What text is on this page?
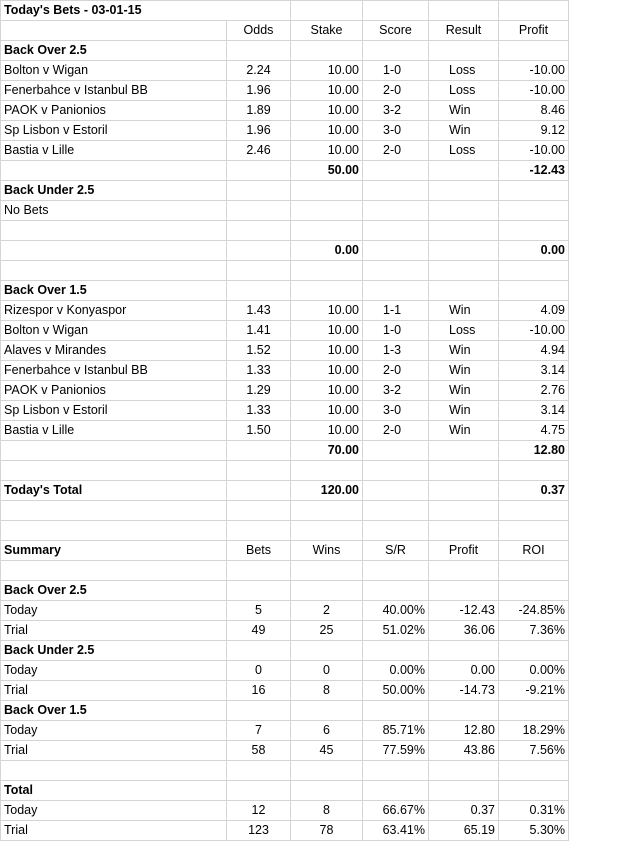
Today's Bets - 03-01-15					
	Odds	Stake	Score	Result	Profit
Back Over 2.5					
Bolton v Wigan	2.24	10.00	1-0	Loss	-10.00
Fenerbahce v Istanbul BB	1.96	10.00	2-0	Loss	-10.00
PAOK v Panionios	1.89	10.00	3-2	Win	8.46
Sp Lisbon v Estoril	1.96	10.00	3-0	Win	9.12
Bastia v Lille	2.46	10.00	2-0	Loss	-10.00
		50.00			-12.43
Back Under 2.5					
No Bets					

		0.00			0.00

Back Over 1.5					
Rizespor v Konyaspor	1.43	10.00	1-1	Win	4.09
Bolton v Wigan	1.41	10.00	1-0	Loss	-10.00
Alaves v Mirandes	1.52	10.00	1-3	Win	4.94
Fenerbahce v Istanbul BB	1.33	10.00	2-0	Win	3.14
PAOK v Panionios	1.29	10.00	3-2	Win	2.76
Sp Lisbon v Estoril	1.33	10.00	3-0	Win	3.14
Bastia v Lille	1.50	10.00	2-0	Win	4.75
		70.00			12.80

Today's Total		120.00			0.37

Summary	Bets	Wins	S/R	Profit	ROI

Back Over 2.5					
Today	5	2	40.00%	-12.43	-24.85%
Trial	49	25	51.02%	36.06	7.36%
Back Under 2.5					
Today	0	0	0.00%	0.00	0.00%
Trial	16	8	50.00%	-14.73	-9.21%
Back Over 1.5					
Today	7	6	85.71%	12.80	18.29%
Trial	58	45	77.59%	43.86	7.56%

Total					
Today	12	8	66.67%	0.37	0.31%
Trial	123	78	63.41%	65.19	5.30%
